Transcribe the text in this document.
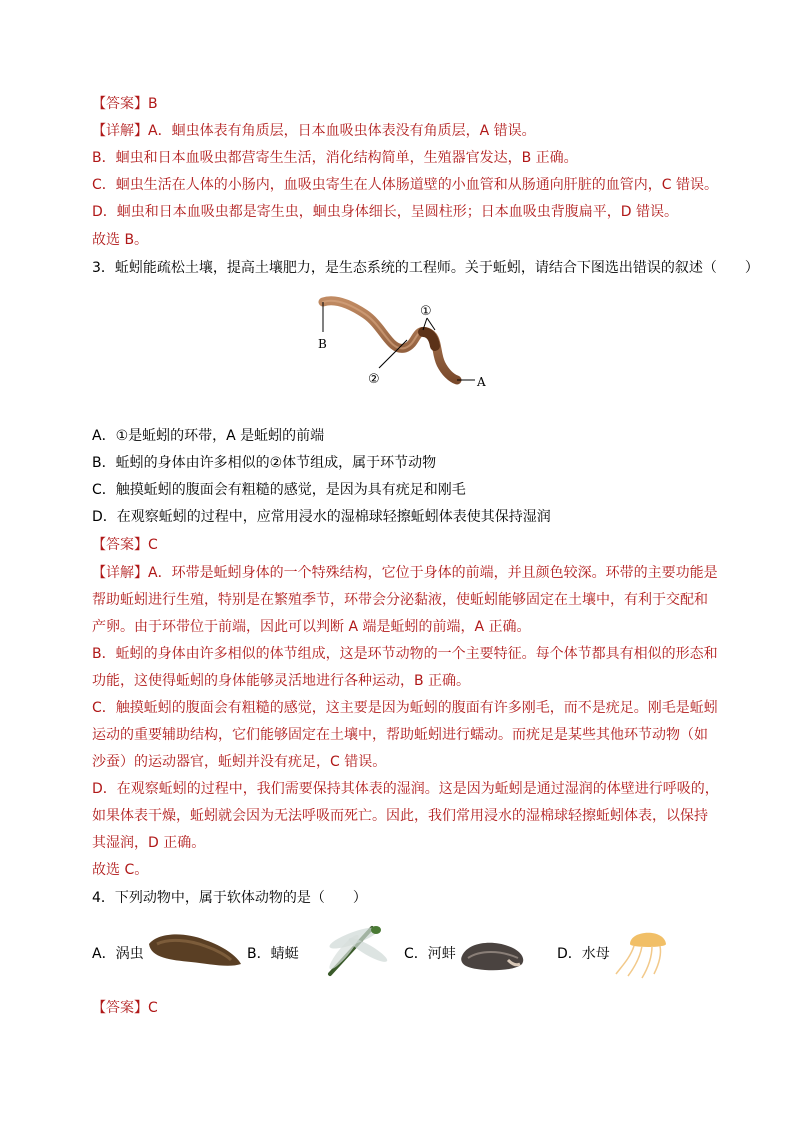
【答案】B
【详解】A．蛔虫体表有角质层，日本血吸虫体表没有角质层，A 错误。
B．蛔虫和日本血吸虫都营寄生生活，消化结构简单，生殖器官发达，B 正确。
C．蛔虫生活在人体的小肠内，血吸虫寄生在人体肠道壁的小血管和从肠通向肝脏的血管内，C 错误。
D．蛔虫和日本血吸虫都是寄生虫，蛔虫身体细长，呈圆柱形；日本血吸虫背腹扁平，D 错误。
故选 B。
3．蚯蚓能疏松土壤，提高土壤肥力，是生态系统的工程师。关于蚯蚓，请结合下图选出错误的叙述（　　）
B
②
①
A
A．①是蚯蚓的环带，A 是蚯蚓的前端
B．蚯蚓的身体由许多相似的②体节组成，属于环节动物
C．触摸蚯蚓的腹面会有粗糙的感觉，是因为具有疣足和刚毛
D．在观察蚯蚓的过程中，应常用浸水的湿棉球轻擦蚯蚓体表使其保持湿润
【答案】C
【详解】A．环带是蚯蚓身体的一个特殊结构，它位于身体的前端，并且颜色较深。环带的主要功能是
帮助蚯蚓进行生殖，特别是在繁殖季节，环带会分泌黏液，使蚯蚓能够固定在土壤中，有利于交配和
产卵。由于环带位于前端，因此可以判断 A 端是蚯蚓的前端，A 正确。
B．蚯蚓的身体由许多相似的体节组成，这是环节动物的一个主要特征。每个体节都具有相似的形态和
功能，这使得蚯蚓的身体能够灵活地进行各种运动，B 正确。
C．触摸蚯蚓的腹面会有粗糙的感觉，这主要是因为蚯蚓的腹面有许多刚毛，而不是疣足。刚毛是蚯蚓
运动的重要辅助结构，它们能够固定在土壤中，帮助蚯蚓进行蠕动。而疣足是某些其他环节动物（如
沙蚕）的运动器官，蚯蚓并没有疣足，C 错误。
D．在观察蚯蚓的过程中，我们需要保持其体表的湿润。这是因为蚯蚓是通过湿润的体壁进行呼吸的，
如果体表干燥，蚯蚓就会因为无法呼吸而死亡。因此，我们常用浸水的湿棉球轻擦蚯蚓体表，以保持
其湿润，D 正确。
故选 C。
4．下列动物中，属于软体动物的是（　　）
A．涡虫	B．蜻蜓	C．河蚌	D．水母
【答案】C
